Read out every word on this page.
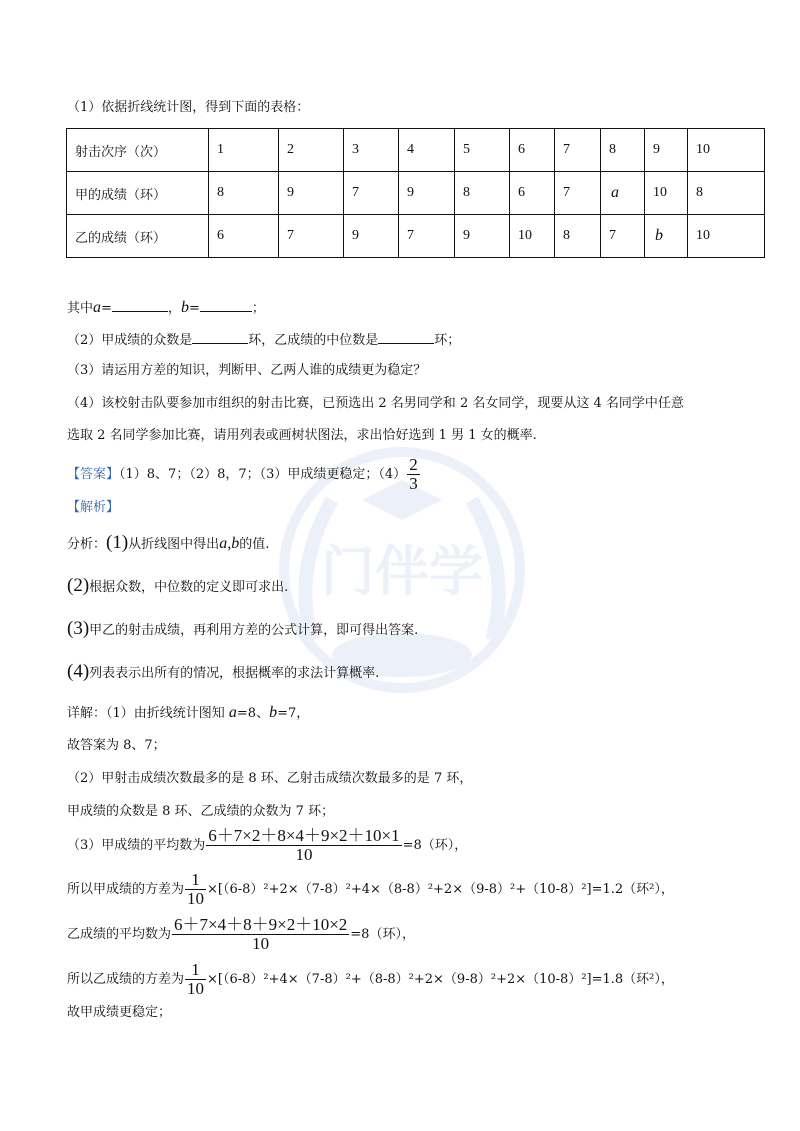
门伴学
（1）依据折线统计图，得到下面的表格：
射击次序（次）	1	2	3	4	5	6	7	8	9	10
甲的成绩（环）	8	9	7	9	8	6	7	a	10	8
乙的成绩（环）	6	7	9	7	9	10	8	7	b	10
其中a=	，b=	；
（2）甲成绩的众数是	环，乙成绩的中位数是	环；
（3）请运用方差的知识，判断甲、乙两人谁的成绩更为稳定？
（4）该校射击队要参加市组织的射击比赛，已预选出 2 名男同学和 2 名女同学，现要从这 4 名同学中任意
选取 2 名同学参加比赛，请用列表或画树状图法，求出恰好选到 1 男 1 女的概率.
【答案】（1）8、7；（2）8，7；（3）甲成绩更稳定；$(4) \frac{2}{3}$
【解析】
分析：(1)从折线图中得出a,b的值.
(2)根据众数，中位数的定义即可求出.
(3)甲乙的射击成绩，再利用方差的公式计算，即可得出答案.
(4)列表表示出所有的情况，根据概率的求法计算概率.
详解：（1）由折线统计图知 a=8、b=7，
故答案为 8、7；
（2）甲射击成绩次数最多的是 8 环、乙射击成绩次数最多的是 7 环，
甲成绩的众数是 8 环、乙成绩的众数为 7 环；
（3）甲成绩的平均数为 $\frac{6+7\times 2+8\times 4+9\times 2+10\times 1}{10} =8$（环），
所以甲成绩的方差为 $\frac{1}{10} \times[(6-8)^2+2\times(7-8)^2+4\times(8-8)^2+2\times(9-8)^2+(10-8)^2]=1.2$（环²），
乙成绩的平均数为 $\frac{6+7\times 4+8+9\times 2+10\times 2}{10} =8$（环），
所以乙成绩的方差为 $\frac{1}{10} \times[(6-8)^2+4\times(7-8)^2+(8-8)^2+2\times(9-8)^2+2\times(10-8)^2]=1.8$（环²），
故甲成绩更稳定；
